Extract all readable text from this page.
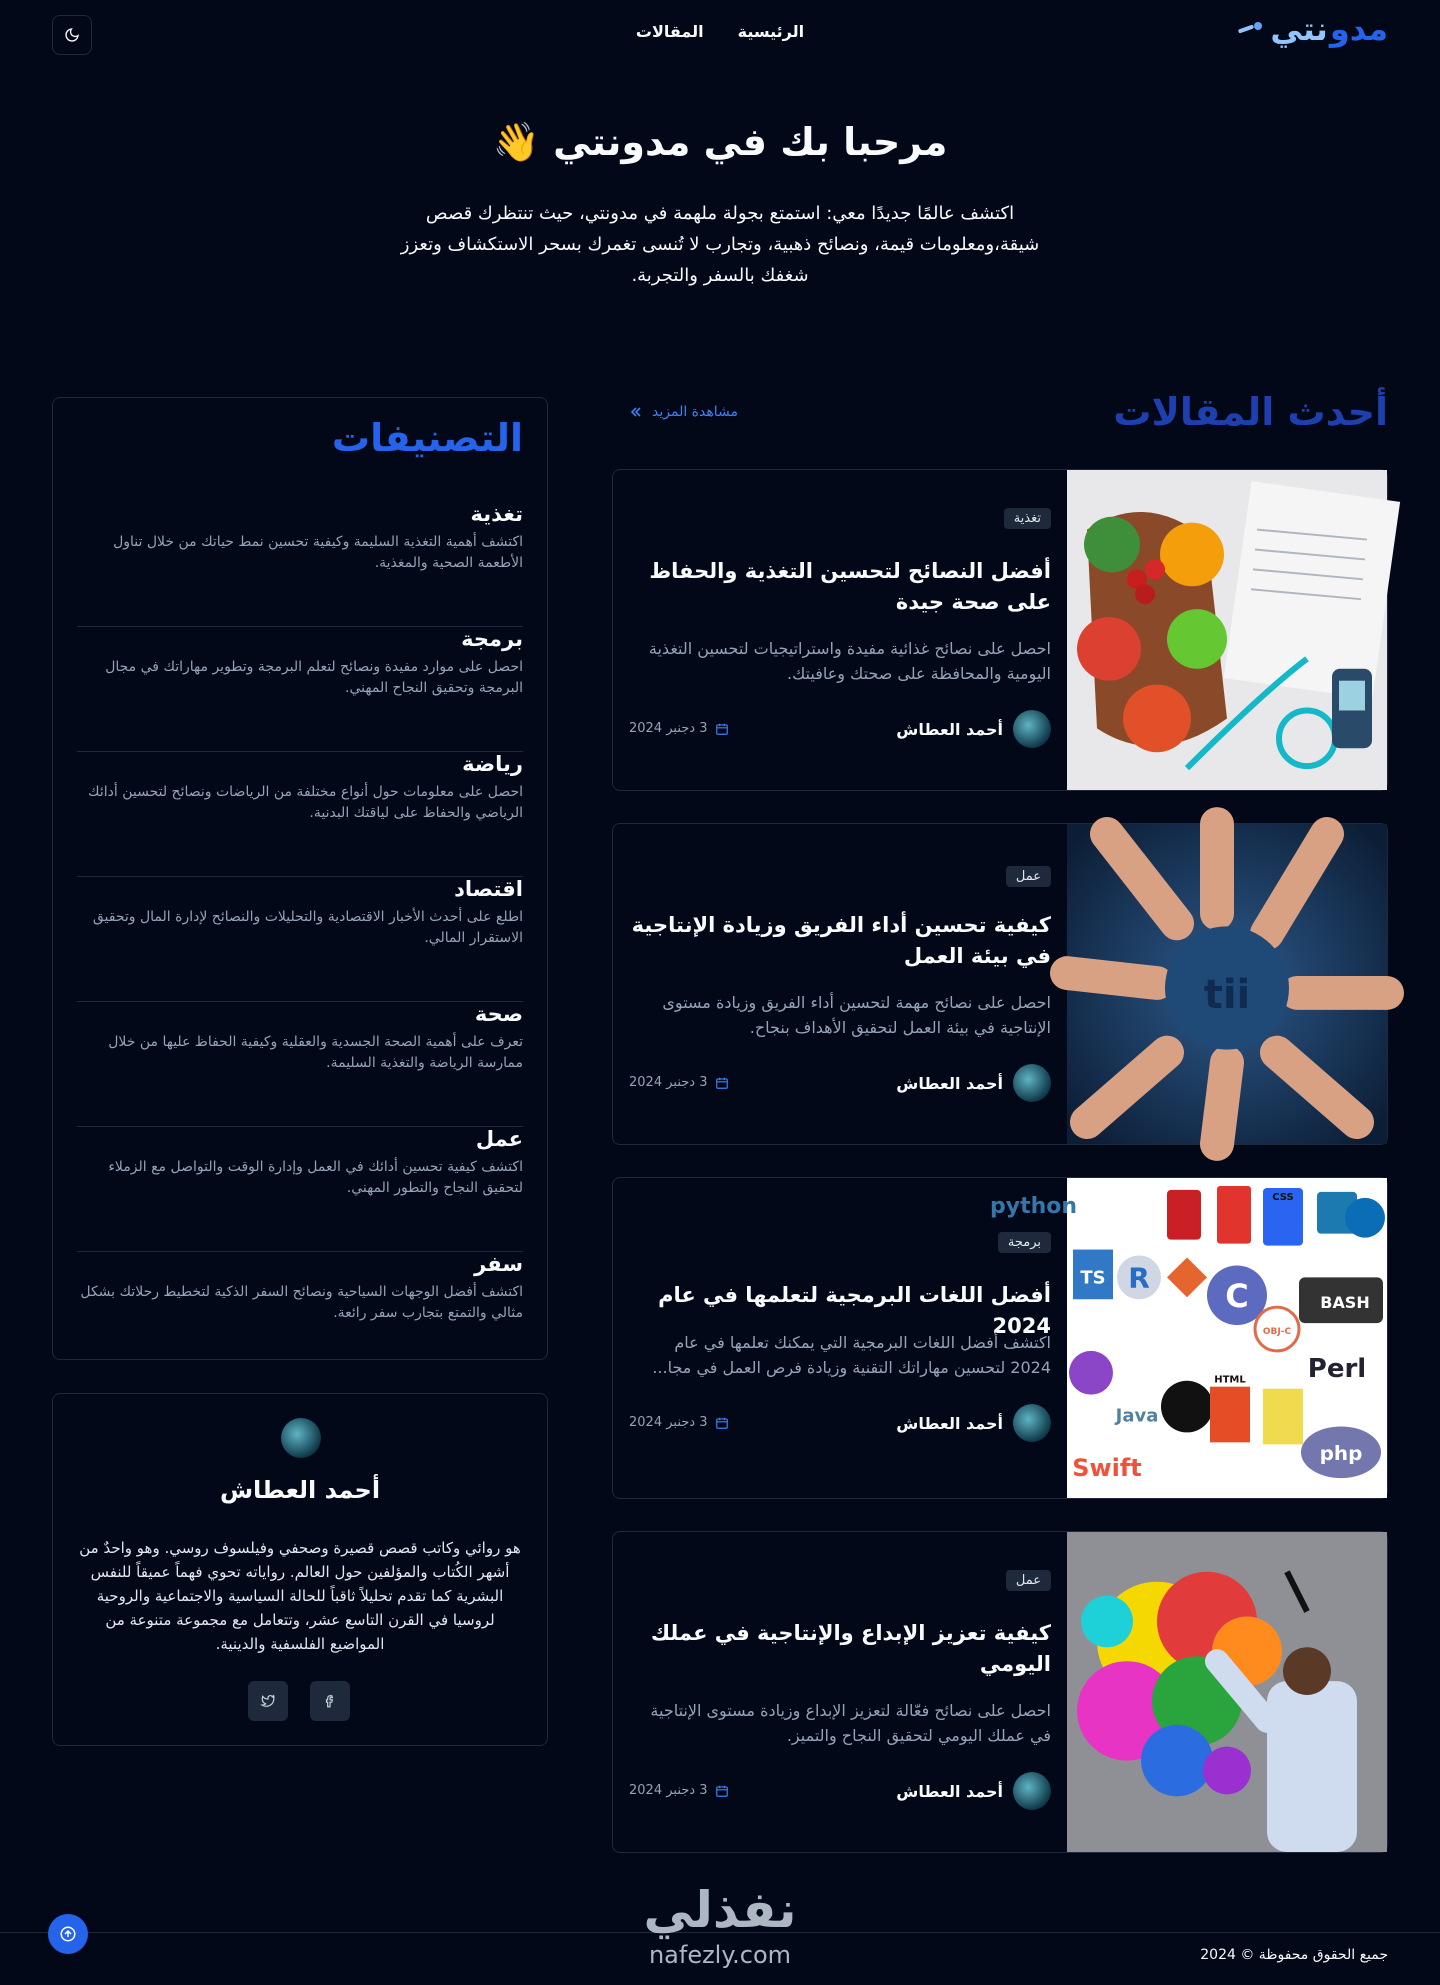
مدو
نتي
الرئيسية
المقالات
مرحبا بك في مدونتي 👋

اكتشف عالمًا جديدًا معي: استمتع بجولة ملهمة في مدونتي، حيث تنتظرك قصص شيقة،ومعلومات قيمة، ونصائح ذهبية، وتجارب لا تُنسى تغمرك بسحر الاستكشاف وتعزز شغفك بالسفر والتجربة.

أحدث المقالات
مشاهدة المزيد
تغذية
أفضل النصائح لتحسين التغذية والحفاظ على صحة جيدة

احصل على نصائح غذائية مفيدة واستراتيجيات لتحسين التغذية اليومية والمحافظة على صحتك وعافيتك.

أحمد العطاش
3 دجنبر 2024
tii
عمل
كيفية تحسين أداء الفريق وزيادة الإنتاجية في بيئة العمل

احصل على نصائح مهمة لتحسين أداء الفريق وزيادة مستوى الإنتاجية في بيئة العمل لتحقيق الأهداف بنجاح.

أحمد العطاش
3 دجنبر 2024
python	CSS
TS R C	BASH
OBJ-C
Perl
Java
HTML
Swift
php
برمجة
أفضل اللغات البرمجية لتعلمها في عام 2024

اكتشف أفضل اللغات البرمجية التي يمكنك تعلمها في عام 2024 لتحسين مهاراتك التقنية وزيادة فرص العمل في مجا...

أحمد العطاش
3 دجنبر 2024
عمل
كيفية تعزيز الإبداع والإنتاجية في عملك اليومي

احصل على نصائح فعّالة لتعزيز الإبداع وزيادة مستوى الإنتاجية في عملك اليومي لتحقيق النجاح والتميز.

أحمد العطاش
3 دجنبر 2024
التصنيفات
تغذية

اكتشف أهمية التغذية السليمة وكيفية تحسين نمط حياتك من خلال تناول الأطعمة الصحية والمغذية.

برمجة

احصل على موارد مفيدة ونصائح لتعلم البرمجة وتطوير مهاراتك في مجال البرمجة وتحقيق النجاح المهني.

رياضة

احصل على معلومات حول أنواع مختلفة من الرياضات ونصائح لتحسين أدائك الرياضي والحفاظ على لياقتك البدنية.

اقتصاد

اطلع على أحدث الأخبار الاقتصادية والتحليلات والنصائح لإدارة المال وتحقيق الاستقرار المالي.

صحة

تعرف على أهمية الصحة الجسدية والعقلية وكيفية الحفاظ عليها من خلال ممارسة الرياضة والتغذية السليمة.

عمل

اكتشف كيفية تحسين أدائك في العمل وإدارة الوقت والتواصل مع الزملاء لتحقيق النجاح والتطور المهني.

سفر

اكتشف أفضل الوجهات السياحية ونصائح السفر الذكية لتخطيط رحلاتك بشكل مثالي والتمتع بتجارب سفر رائعة.

أحمد العطاش

هو روائي وكاتب قصص قصيرة وصحفي وفيلسوف روسي. وهو واحدٌ من أشهر الكُتاب والمؤلفين حول العالم. رواياته تحوي فهماً عميقاً للنفس البشرية كما تقدم تحليلاً ثاقباً للحالة السياسية والاجتماعية والروحية لروسيا في القرن التاسع عشر، وتتعامل مع مجموعة متنوعة من المواضيع الفلسفية والدينية.

نفذلي
nafezly.com	جميع الحقوق محفوظة © 2024
